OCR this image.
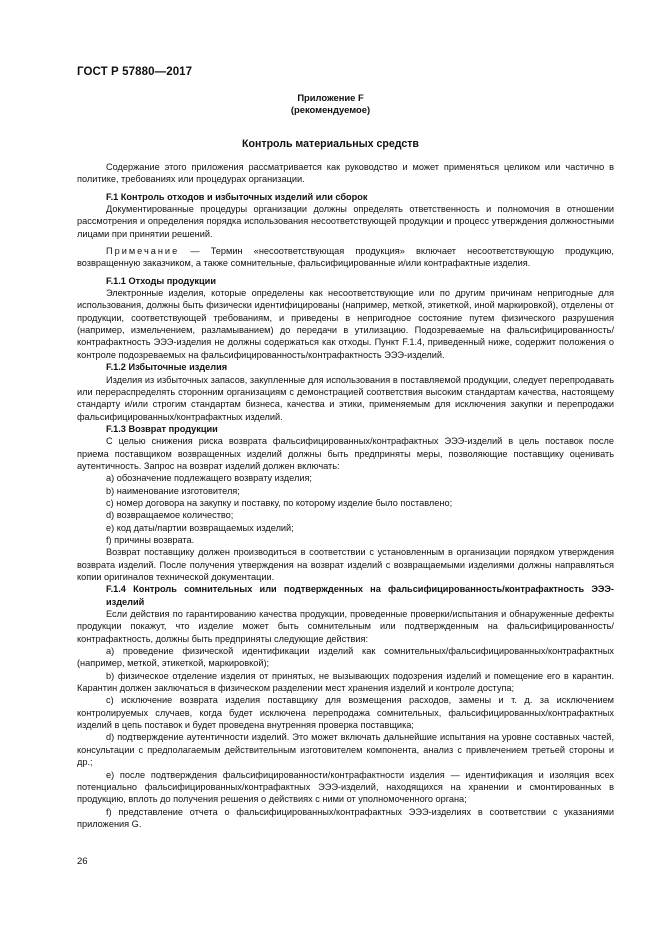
ГОСТ Р 57880—2017
Приложение F
(рекомендуемое)
Контроль материальных средств

Содержание этого приложения рассматривается как руководство и может применяться целиком или частично в политике, требованиях или процедурах организации.

F.1 Контроль отходов и избыточных изделий или сборок

Документированные процедуры организации должны определять ответственность и полномочия в отношении рассмотрения и определения порядка использования несоответствующей продукции и процесс утверждения должностными лицами при принятии решений.

Примечание — Термин «несоответствующая продукция» включает несоответствующую продукцию, возвращенную заказчиком, а также сомнительные, фальсифицированные и/или контрафактные изделия.

F.1.1 Отходы продукции

Электронные изделия, которые определены как несоответствующие или по другим причинам непригодные для использования, должны быть физически идентифицированы (например, меткой, этикеткой, иной маркировкой), отделены от продукции, соответствующей требованиям, и приведены в непригодное состояние путем физического разрушения (например, измельчением, разламыванием) до передачи в утилизацию. Подозреваемые на фальсифицированность/контрафактность ЭЭЭ-изделия не должны содержаться как отходы. Пункт F.1.4, приведенный ниже, содержит положения о контроле подозреваемых на фальсифицированность/контрафактность ЭЭЭ-изделий.

F.1.2 Избыточные изделия

Изделия из избыточных запасов, закупленные для использования в поставляемой продукции, следует перепродавать или перераспределять сторонним организациям с демонстрацией соответствия высоким стандартам качества, настоящему стандарту и/или строгим стандартам бизнеса, качества и этики, применяемым для исключения закупки и перепродажи фальсифицированных/контрафактных изделий.

F.1.3 Возврат продукции

С целью снижения риска возврата фальсифицированных/контрафактных ЭЭЭ-изделий в цель поставок после приема поставщиком возвращенных изделий должны быть предприняты меры, позволяющие поставщику оценивать аутентичность. Запрос на возврат изделий должен включать:

a) обозначение подлежащего возврату изделия;

b) наименование изготовителя;

c) номер договора на закупку и поставку, по которому изделие было поставлено;

d) возвращаемое количество;

e) код даты/партии возвращаемых изделий;

f) причины возврата.

Возврат поставщику должен производиться в соответствии с установленным в организации порядком утверждения возврата изделий. После получения утверждения на возврат изделий с возвращаемыми изделиями должны направляться копии оригиналов технической документации.

F.1.4 Контроль сомнительных или подтвержденных на фальсифицированность/контрафактность ЭЭЭ-изделий

Если действия по гарантированию качества продукции, проведенные проверки/испытания и обнаруженные дефекты продукции покажут, что изделие может быть сомнительным или подтвержденным на фальсифицированность/контрафактность, должны быть предприняты следующие действия:

a) проведение физической идентификации изделий как сомнительных/фальсифицированных/контрафактных (например, меткой, этикеткой, маркировкой);

b) физическое отделение изделия от принятых, не вызывающих подозрения изделий и помещение его в карантин. Карантин должен заключаться в физическом разделении мест хранения изделий и контроле доступа;

c) исключение возврата изделия поставщику для возмещения расходов, замены и т. д. за исключением контролируемых случаев, когда будет исключена перепродажа сомнительных, фальсифицированных/контрафактных изделий в цепь поставок и будет проведена внутренняя проверка поставщика;

d) подтверждение аутентичности изделий. Это может включать дальнейшие испытания на уровне составных частей, консультации с предполагаемым действительным изготовителем компонента, анализ с привлечением третьей стороны и др.;

e) после подтверждения фальсифицированности/контрафактности изделия — идентификация и изоляция всех потенциально фальсифицированных/контрафактных ЭЭЭ-изделий, находящихся на хранении и смонтированных в продукцию, вплоть до получения решения о действиях с ними от уполномоченного органа;

f) представление отчета о фальсифицированных/контрафактных ЭЭЭ-изделиях в соответствии с указаниями приложения G.

26
